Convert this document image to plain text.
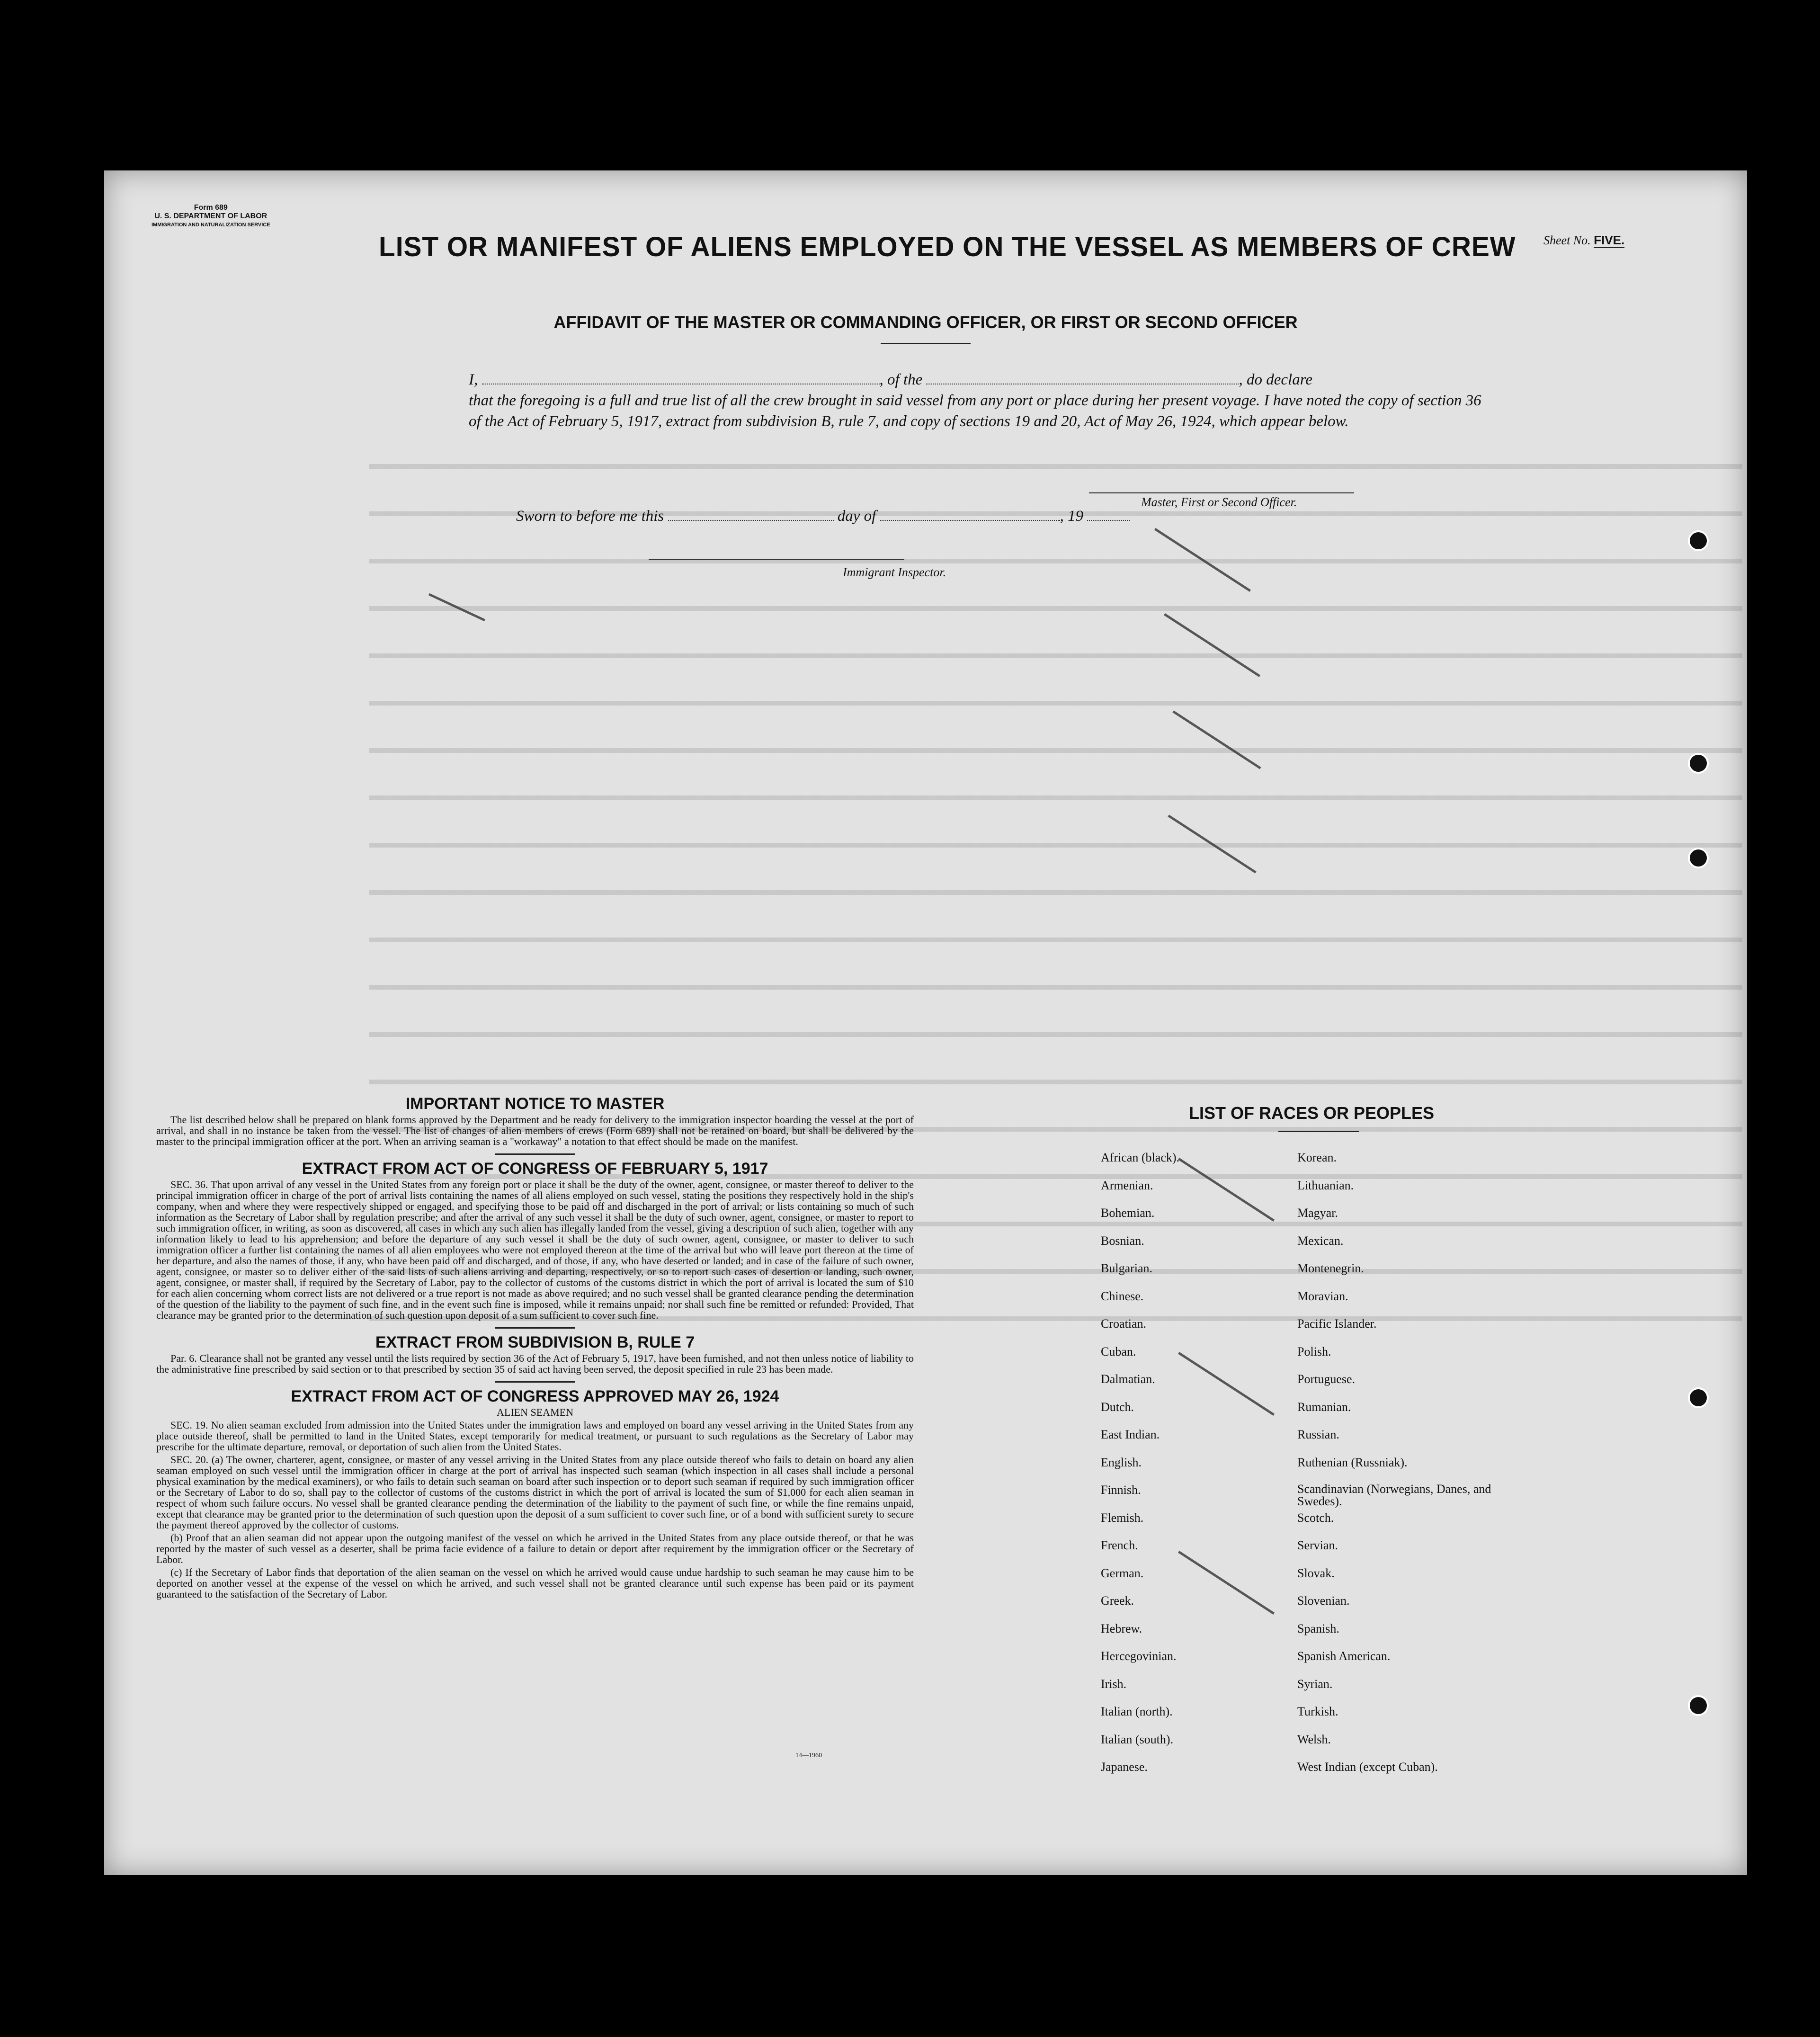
Form 689
U. S. DEPARTMENT OF LABOR
IMMIGRATION AND NATURALIZATION SERVICE
LIST OR MANIFEST OF ALIENS EMPLOYED ON THE VESSEL AS MEMBERS OF CREW Sheet No. FIVE.
AFFIDAVIT OF THE MASTER OR COMMANDING OFFICER, OR FIRST OR SECOND OFFICER
I,	, of the	, do declare
that the foregoing is a full and true list of all the crew brought in said vessel from any port or place during her present voyage. I have noted the copy of section 36 of the Act of February 5, 1917, extract from subdivision B, rule 7, and copy of sections 19 and 20, Act of May 26, 1924, which appear below.
Master, First or Second Officer.
Sworn to before me this	day of	, 19
Immigrant Inspector.
IMPORTANT NOTICE TO MASTER

The list described below shall be prepared on blank forms approved by the Department and be ready for delivery to the immigration inspector boarding the vessel at the port of arrival, and shall in no instance be taken from the vessel. The list of changes of alien members of crews (Form 689) shall not be retained on board, but shall be delivered by the master to the principal immigration officer at the port. When an arriving seaman is a "workaway" a notation to that effect should be made on the manifest.

EXTRACT FROM ACT OF CONGRESS OF FEBRUARY 5, 1917

SEC. 36. That upon arrival of any vessel in the United States from any foreign port or place it shall be the duty of the owner, agent, consignee, or master thereof to deliver to the principal immigration officer in charge of the port of arrival lists containing the names of all aliens employed on such vessel, stating the positions they respectively hold in the ship's company, when and where they were respectively shipped or engaged, and specifying those to be paid off and discharged in the port of arrival; or lists containing so much of such information as the Secretary of Labor shall by regulation prescribe; and after the arrival of any such vessel it shall be the duty of such owner, agent, consignee, or master to report to such immigration officer, in writing, as soon as discovered, all cases in which any such alien has illegally landed from the vessel, giving a description of such alien, together with any information likely to lead to his apprehension; and before the departure of any such vessel it shall be the duty of such owner, agent, consignee, or master to deliver to such immigration officer a further list containing the names of all alien employees who were not employed thereon at the time of the arrival but who will leave port thereon at the time of her departure, and also the names of those, if any, who have been paid off and discharged, and of those, if any, who have deserted or landed; and in case of the failure of such owner, agent, consignee, or master so to deliver either of the said lists of such aliens arriving and departing, respectively, or so to report such cases of desertion or landing, such owner, agent, consignee, or master shall, if required by the Secretary of Labor, pay to the collector of customs of the customs district in which the port of arrival is located the sum of $10 for each alien concerning whom correct lists are not delivered or a true report is not made as above required; and no such vessel shall be granted clearance pending the determination of the question of the liability to the payment of such fine, and in the event such fine is imposed, while it remains unpaid; nor shall such fine be remitted or refunded: Provided, That clearance may be granted prior to the determination of such question upon deposit of a sum sufficient to cover such fine.

EXTRACT FROM SUBDIVISION B, RULE 7

Par. 6. Clearance shall not be granted any vessel until the lists required by section 36 of the Act of February 5, 1917, have been furnished, and not then unless notice of liability to the administrative fine prescribed by said section or to that prescribed by section 35 of said act having been served, the deposit specified in rule 23 has been made.

EXTRACT FROM ACT OF CONGRESS APPROVED MAY 26, 1924
ALIEN SEAMEN

SEC. 19. No alien seaman excluded from admission into the United States under the immigration laws and employed on board any vessel arriving in the United States from any place outside thereof, shall be permitted to land in the United States, except temporarily for medical treatment, or pursuant to such regulations as the Secretary of Labor may prescribe for the ultimate departure, removal, or deportation of such alien from the United States.

SEC. 20. (a) The owner, charterer, agent, consignee, or master of any vessel arriving in the United States from any place outside thereof who fails to detain on board any alien seaman employed on such vessel until the immigration officer in charge at the port of arrival has inspected such seaman (which inspection in all cases shall include a personal physical examination by the medical examiners), or who fails to detain such seaman on board after such inspection or to deport such seaman if required by such immigration officer or the Secretary of Labor to do so, shall pay to the collector of customs of the customs district in which the port of arrival is located the sum of $1,000 for each alien seaman in respect of whom such failure occurs. No vessel shall be granted clearance pending the determination of the liability to the payment of such fine, or while the fine remains unpaid, except that clearance may be granted prior to the determination of such question upon the deposit of a sum sufficient to cover such fine, or of a bond with sufficient surety to secure the payment thereof approved by the collector of customs.

(b) Proof that an alien seaman did not appear upon the outgoing manifest of the vessel on which he arrived in the United States from any place outside thereof, or that he was reported by the master of such vessel as a deserter, shall be prima facie evidence of a failure to detain or deport after requirement by the immigration officer or the Secretary of Labor.

(c) If the Secretary of Labor finds that deportation of the alien seaman on the vessel on which he arrived would cause undue hardship to such seaman he may cause him to be deported on another vessel at the expense of the vessel on which he arrived, and such vessel shall not be granted clearance until such expense has been paid or its payment guaranteed to the satisfaction of the Secretary of Labor.

14—1960
LIST OF RACES OR PEOPLES
African (black).
Armenian.
Bohemian.
Bosnian.
Bulgarian.
Chinese.
Croatian.
Cuban.
Dalmatian.
Dutch.
East Indian.
English.
Finnish.
Flemish.
French.
German.
Greek.
Hebrew.
Hercegovinian.
Irish.
Italian (north).
Italian (south).
Japanese.
Korean.
Lithuanian.
Magyar.
Mexican.
Montenegrin.
Moravian.
Pacific Islander.
Polish.
Portuguese.
Rumanian.
Russian.
Ruthenian (Russniak).
Scandinavian (Norwegians, Danes, and Swedes).
Scotch.
Servian.
Slovak.
Slovenian.
Spanish.
Spanish American.
Syrian.
Turkish.
Welsh.
West Indian (except Cuban).
